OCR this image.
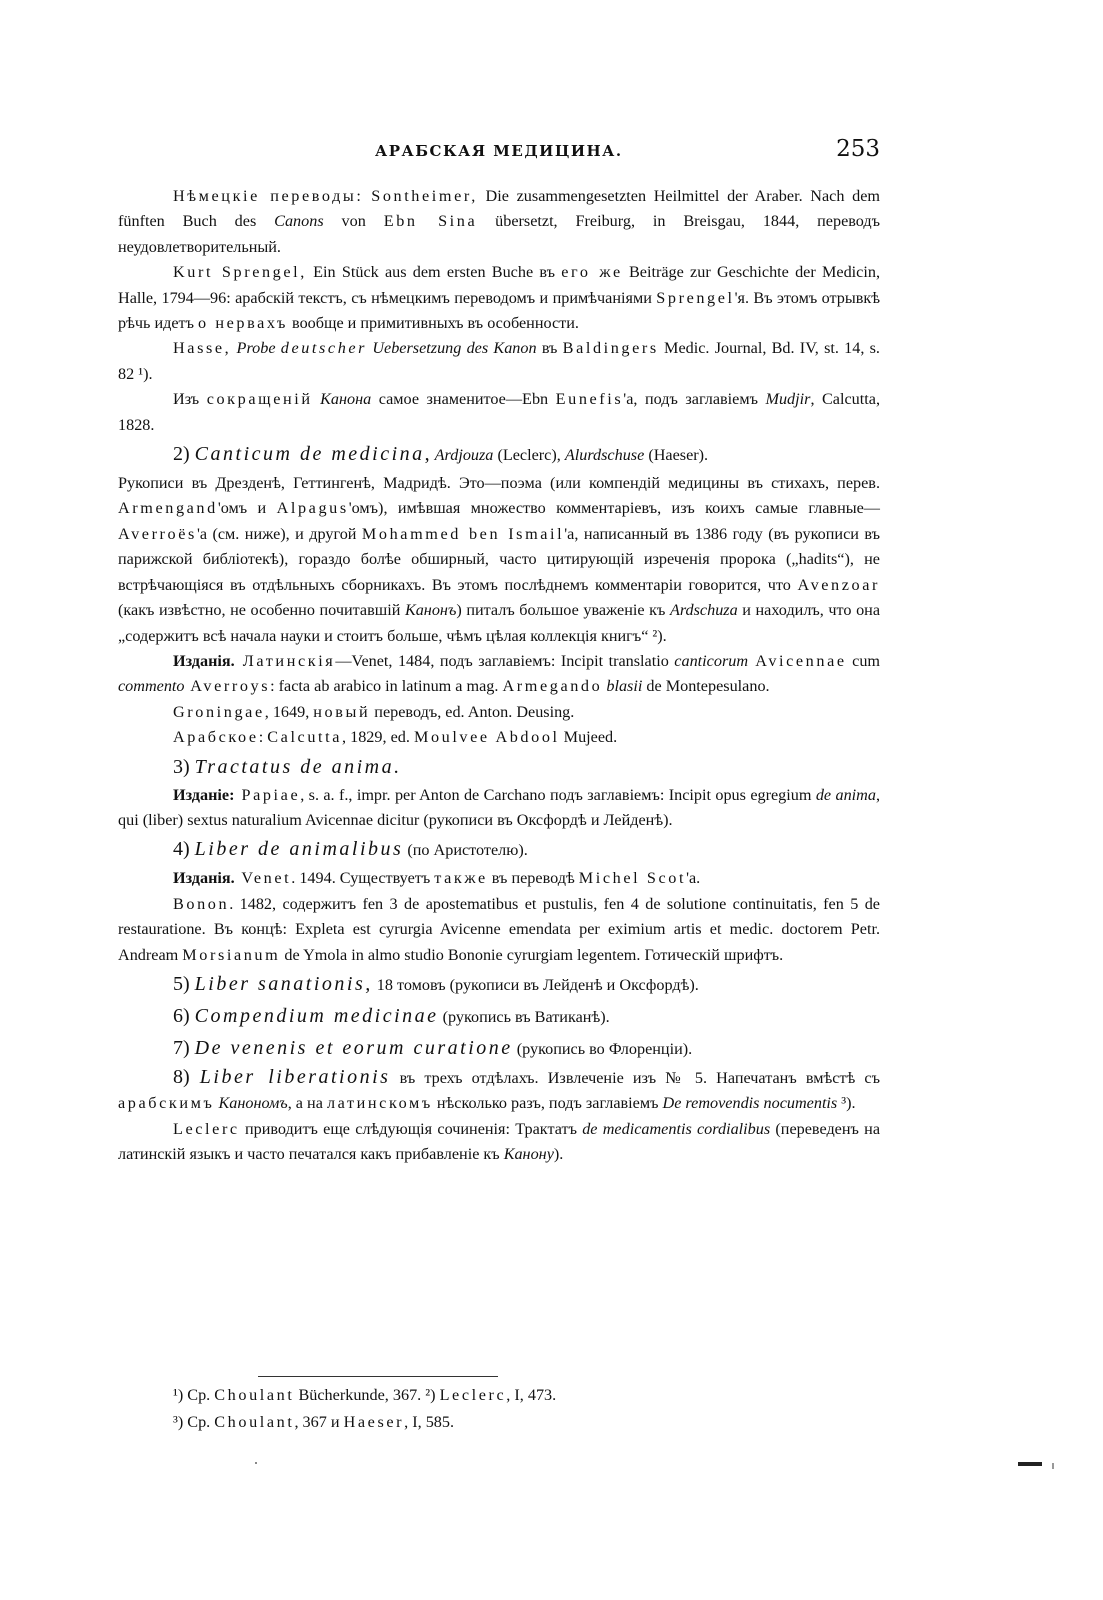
АРАБСКАЯ МЕДИЦИНА.	253

Нѣмецкіе переводы: Sontheimer, Die zusammengesetzten Heilmittel der Araber. Nach dem fünften Buch des Canons von Ebn Sina übersetzt, Freiburg, in Breisgau, 1844, переводъ неудовлетворительный.

Kurt Sprengel, Ein Stück aus dem ersten Buche въ его же Beiträge zur Geschichte der Medicin, Halle, 1794—96: арабскій текстъ, съ нѣмецкимъ переводомъ и примѣчаніями Sprengel'я. Въ этомъ отрывкѣ рѣчь идетъ о нервахъ вообще и примитивныхъ въ особенности.

Hasse, Probe deutscher Uebersetzung des Kanon въ Baldingers Medic. Journal, Bd. IV, st. 14, s. 82 ¹).

Изъ сокращеній Канона самое знаменитое—Ebn Eunefis'а, подъ заглавіемъ Mudjir, Calcutta, 1828.

2) Canticum de medicina, Ardjouza (Leclerc), Alurdschuse (Haeser).

Рукописи въ Дрезденѣ, Геттингенѣ, Мадридѣ. Это—поэма (или компендій медицины въ стихахъ, перев. Armengand'омъ и Alpagus'омъ), имѣвшая множество комментаріевъ, изъ коихъ самые главные—Averroës'а (см. ниже), и другой Mohammed ben Ismail'а, написанный въ 1386 году (въ рукописи въ парижской библіотекѣ), гораздо болѣе обширный, часто цитирующій изреченія пророка („hadits“), не встрѣчающіяся въ отдѣльныхъ сборникахъ. Въ этомъ послѣднемъ комментаріи говорится, что Avenzoar (какъ извѣстно, не особенно почитавшій Канонъ) питалъ большое уваженіе къ Ardschuza и находилъ, что она „содержитъ всѣ начала науки и стоитъ больше, чѣмъ цѣлая коллекція книгъ“ ²).

Изданія. Латинскія—Venet, 1484, подъ заглавіемъ: Incipit translatio canticorum Avicennae cum commento Averroys: facta ab arabico in latinum a mag. Armegando blasii de Montepesulano.

Groningae, 1649, новый переводъ, ed. Anton. Deusing.

Арабское: Calcutta, 1829, ed. Moulvee Abdool Mujeed.

3) Tractatus de anima.

Изданіе: Papiae, s. a. f., impr. per Anton de Carchano подъ заглавіемъ: Incipit opus egregium de anima, qui (liber) sextus naturalium Avicennae dicitur (рукописи въ Оксфордѣ и Лейденѣ).

4) Liber de animalibus (по Аристотелю).

Изданія. Venet. 1494. Существуетъ также въ переводѣ Michel Scot'а.

Bonon. 1482, содержитъ fen 3 de apostematibus et pustulis, fen 4 de solutione continuitatis, fen 5 de restauratione. Въ концѣ: Expleta est cyrurgia Avicenne emendata per eximium artis et medic. doctorem Petr. Andream Morsianum de Ymola in almo studio Bononie cyrurgiam legentem. Готическій шрифтъ.

5) Liber sanationis, 18 томовъ (рукописи въ Лейденѣ и Оксфордѣ).

6) Compendium medicinae (рукопись въ Ватиканѣ).

7) De venenis et eorum curatione (рукопись во Флоренціи).

8) Liber liberationis въ трехъ отдѣлахъ. Извлеченіе изъ № 5. Напечатанъ вмѣстѣ съ арабскимъ Канономъ, а на латинскомъ нѣсколько разъ, подъ заглавіемъ De removendis nocumentis ³).

Leclerc приводитъ еще слѣдующія сочиненія: Трактатъ de medicamentis cordialibus (переведенъ на латинскій языкъ и часто печатался какъ прибавленіе къ Канону).

¹) Ср. Choulant Bücherkunde, 367. ²) Leclerc, I, 473.
³) Ср. Choulant, 367 и Haeser, I, 585.
